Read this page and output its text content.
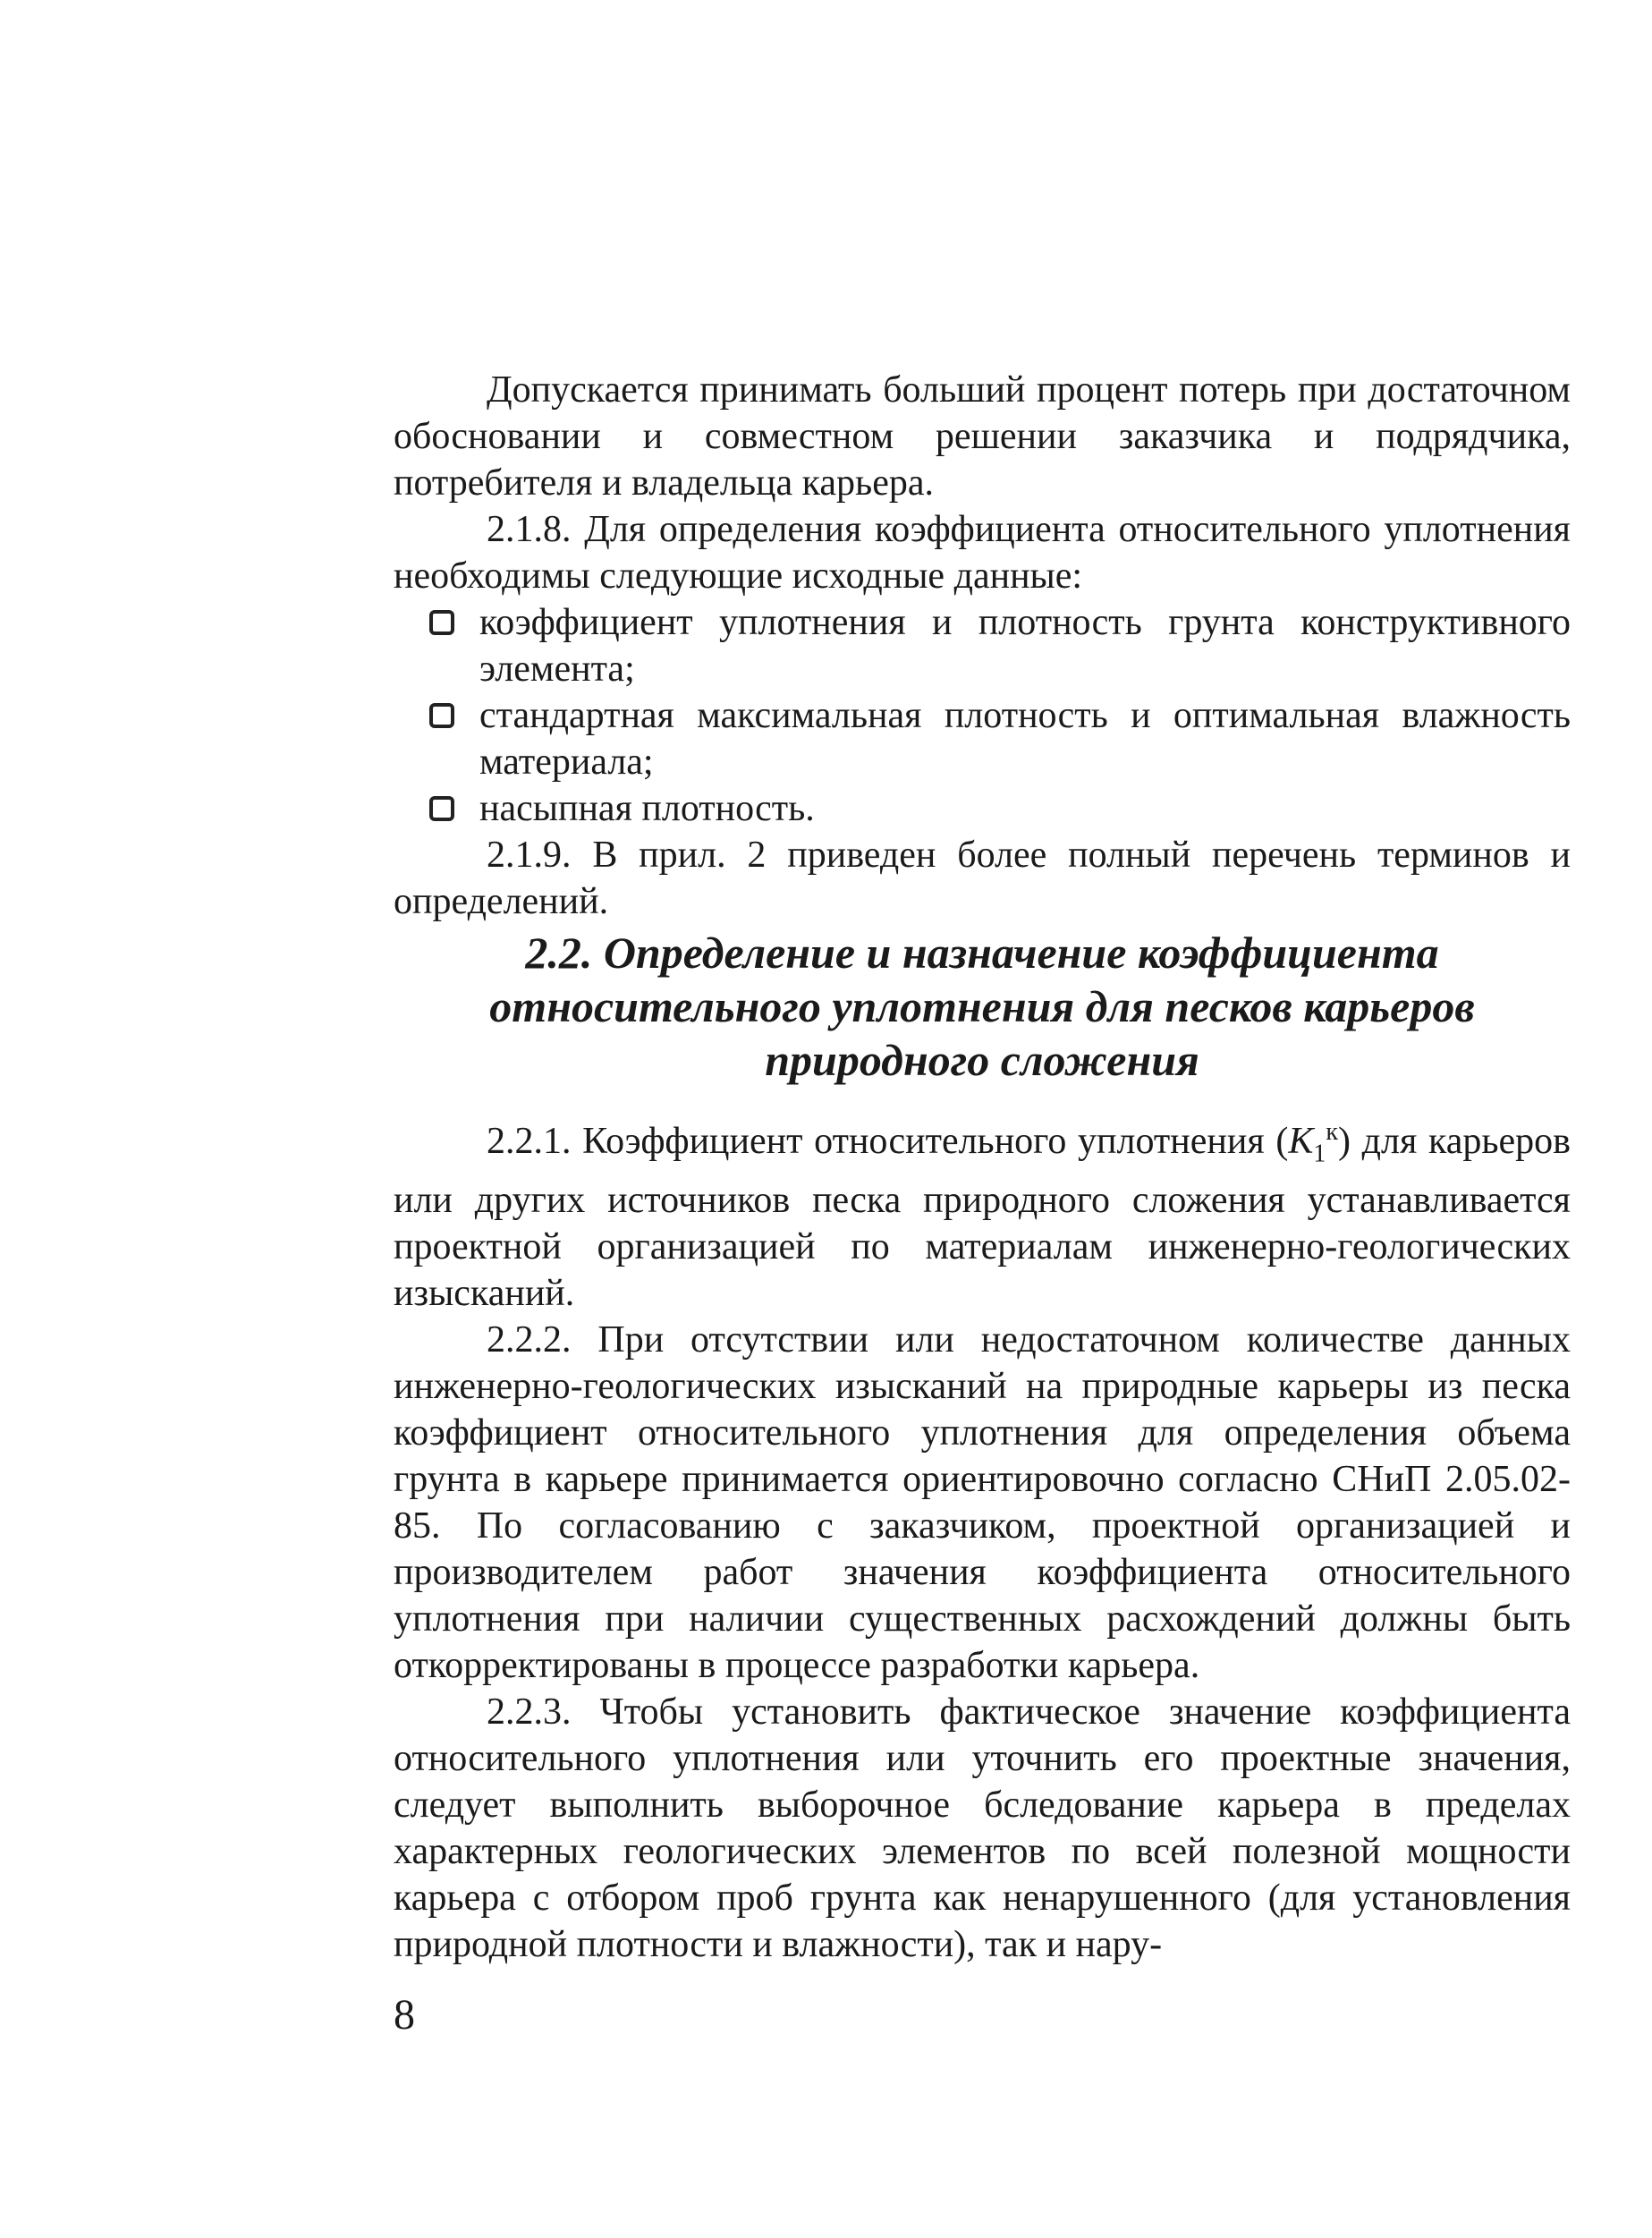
Допускается принимать больший процент потерь при достаточном обосновании и совместном решении заказчика и подрядчика, потребителя и владельца карьера.

2.1.8. Для определения коэффициента относительного уплотнения необходимы следующие исходные данные:

коэффициент уплотнения и плотность грунта конструктивного элемента;
стандартная максимальная плотность и оптимальная влажность материала;
насыпная плотность.

2.1.9. В прил. 2 приведен более полный перечень терминов и определений.

2.2. Определение и назначение коэффициента относительного уплотнения для песков карьеров природного сложения

2.2.1. Коэффициент относительного уплотнения $(K_1^к)$ для карьеров или других источников песка природного сложения устанавливается проектной организацией по материалам инженерно-геологических изысканий.

2.2.2. При отсутствии или недостаточном количестве данных инженерно-геологических изысканий на природные карьеры из песка коэффициент относительного уплотнения для определения объема грунта в карьере принимается ориентировочно согласно СНиП 2.05.02-85. По согласованию с заказчиком, проектной организацией и производителем работ значения коэффициента относительного уплотнения при наличии существенных расхождений должны быть откорректированы в процессе разработки карьера.

2.2.3. Чтобы установить фактическое значение коэффициента относительного уплотнения или уточнить его проектные значения, следует выполнить выборочное бследование карьера в пределах характерных геологических элементов по всей полезной мощности карьера с отбором проб грунта как ненарушенного (для установления природной плотности и влажности), так и нару-

8
